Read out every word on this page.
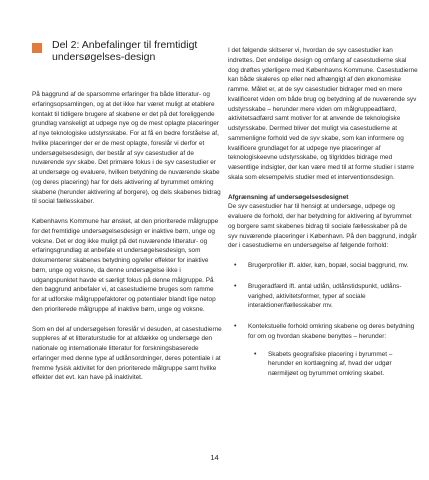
Del 2: Anbefalinger til fremtidigt undersøgelses-design

På baggrund af de sparsomme erfaringer fra både litteratur- og erfaringsopsamlingen, og at det ikke har været muligt at etablere kontakt til tidligere brugere af skabene er det på det foreliggende grundlag vanskeligt at udpege nye og de mest oplagte placeringer af nye teknologiske udstyrsskabe. For at få en bedre forståelse af, hvilke placeringer der er de mest oplagte, foreslår vi derfor et undersøgelsesdesign, der består af syv casestudier af de nuværende syv skabe. Det primære fokus i de syv casestudier er at undersøge og evaluere, hvilken betydning de nuværende skabe (og deres placering) har for dels aktivering af byrummet omkring skabene (herunder aktivering af borgere), og dels skabenes bidrag til social fællesskaber.

Københavns Kommune har ønsket, at den prioriterede målgruppe for det fremtidige undersøgelsesdesign er inaktive børn, unge og voksne. Det er dog ikke muligt på det nuværende litteratur- og erfaringsgrundlag at anbefale et undersøgelsesdesign, som dokumenterer skabenes betydning og/eller effekter for inaktive børn, unge og voksne, da denne undersøgelse ikke i udgangspunktet havde et særligt fokus på denne målgruppe. På den baggrund anbefaler vi, at casestudierne bruges som ramme for at udforske målgruppefaktorer og potentialer blandt lige netop den prioriterede målgruppe af inaktive børn, unge og voksne.

Som en del af undersøgelsen foreslår vi desuden, at casestudierne suppleres af et litteraturstudie for at afdække og undersøge den nationale og internationale litteratur for forskningsbaserede erfaringer med denne type af udlånsordninger, deres potentiale i at fremme fysisk aktivitet for den prioriterede målgruppe samt hvilke effekter det evt. kan have på inaktivitet.

I det følgende skitserer vi, hvordan de syv casestudier kan indrettes. Det endelige design og omfang af casestudierne skal dog drøftes yderligere med Københavns Kommune. Casestudierne kan både skaleres op eller ned afhængigt af den økonomiske ramme. Målet er, at de syv casestudier bidrager med en mere kvalificeret viden om både brug og betydning af de nuværende syv udstyrsskabe – herunder mere viden om målgruppeadfærd, aktivitetsadfærd samt motiver for at anvende de teknologiske udstyrsskabe. Dermed bliver det muligt via casestudierne at sammenligne forhold ved de syv skabe, som kan informere og kvalificere grundlaget for at udpege nye placeringer af teknologiskeevne udstyrsskabe, og tilgrlddes bidrage med væsentlige indsigter, der kan være med til at forme studier i større skala som eksempelvis studier med et interventionsdesign.

Afgrænsning af undersøgelsesdesignet

De syv casestudier har til hensigt at undersøge, udpege og evaluere de forhold, der har betydning for aktivering af byrummet og borgere samt skabenes bidrag til sociale fællesskaber på de syv nuværende placeringer i København. På den baggrund, indgår der i casestudierne en undersøgelse af følgende forhold:

• Brugerprofiler ift. alder, køn, bopæl, social baggrund, mv.
• Brugeradfærd ift. antal udlån, udlånstidspunkt, udlåns-varighed, aktivitetsformer, typer af sociale interaktioner/fællesskaber mv.
• Kontekstuelle forhold omkring skabene og deres betydning for om og hvordan skabene benyttes – herunder:
• Skabets geografiske placering i byrummet – herunder en kortlægning af, hvad der udgør nærmiljøet og byrummet omkring skabet.
14
